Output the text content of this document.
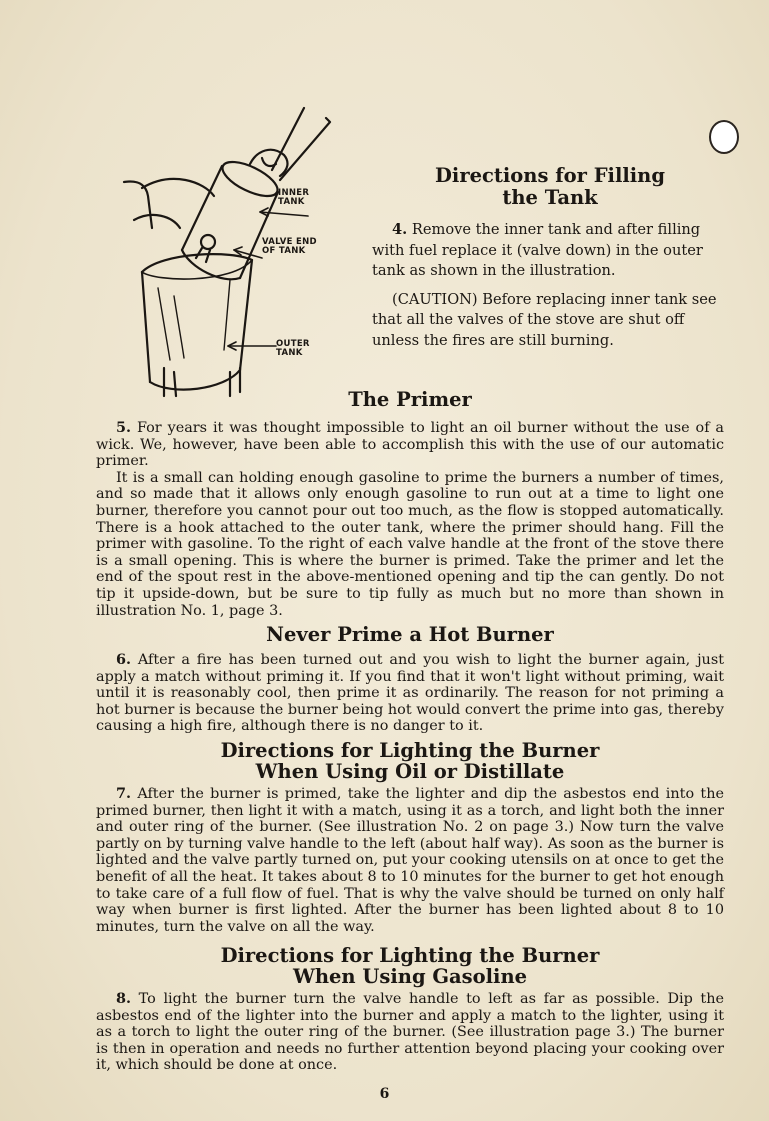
INNER
TANK
VALVE END
OF TANK
OUTER
TANK
Directions for Filling
the Tank

4. Remove the inner tank and after filling with fuel replace it (valve down) in the outer tank as shown in the illustration.

(CAUTION) Before replacing inner tank see that all the valves of the stove are shut off unless the fires are still burning.

The Primer

5. For years it was thought impossible to light an oil burner without the use of a wick. We, however, have been able to accomplish this with the use of our automatic primer.

It is a small can holding enough gasoline to prime the burners a number of times, and so made that it allows only enough gasoline to run out at a time to light one burner, therefore you cannot pour out too much, as the flow is stopped automatically. There is a hook attached to the outer tank, where the primer should hang. Fill the primer with gasoline. To the right of each valve handle at the front of the stove there is a small opening. This is where the burner is primed. Take the primer and let the end of the spout rest in the above-mentioned opening and tip the can gently. Do not tip it upside-down, but be sure to tip fully as much but no more than shown in illustration No. 1, page 3.

Never Prime a Hot Burner

6. After a fire has been turned out and you wish to light the burner again, just apply a match without priming it. If you find that it won't light without priming, wait until it is reasonably cool, then prime it as ordinarily. The reason for not priming a hot burner is because the burner being hot would convert the prime into gas, thereby causing a high fire, although there is no danger to it.

Directions for Lighting the Burner
When Using Oil or Distillate

7. After the burner is primed, take the lighter and dip the asbestos end into the primed burner, then light it with a match, using it as a torch, and light both the inner and outer ring of the burner. (See illustration No. 2 on page 3.) Now turn the valve partly on by turning valve handle to the left (about half way). As soon as the burner is lighted and the valve partly turned on, put your cooking utensils on at once to get the benefit of all the heat. It takes about 8 to 10 minutes for the burner to get hot enough to take care of a full flow of fuel. That is why the valve should be turned on only half way when burner is first lighted. After the burner has been lighted about 8 to 10 minutes, turn the valve on all the way.

Directions for Lighting the Burner
When Using Gasoline

8. To light the burner turn the valve handle to left as far as possible. Dip the asbestos end of the lighter into the burner and apply a match to the lighter, using it as a torch to light the outer ring of the burner. (See illustration page 3.) The burner is then in operation and needs no further attention beyond placing your cooking over it, which should be done at once.

6
